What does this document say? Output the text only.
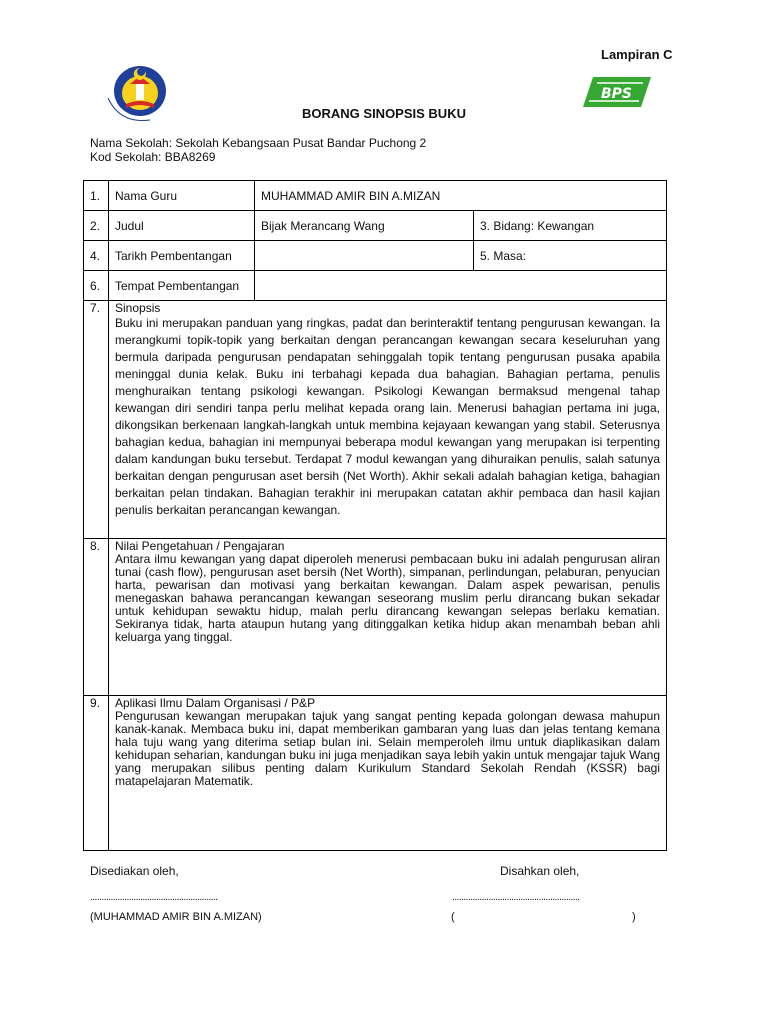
Lampiran C
BPS
BORANG SINOPSIS BUKU
Nama Sekolah: Sekolah Kebangsaan Pusat Bandar Puchong 2
Kod Sekolah: BBA8269
1.	Nama Guru	MUHAMMAD AMIR BIN A.MIZAN	
2.	Judul	Bijak Merancang Wang	3. Bidang: Kewangan
4.	Tarikh Pembentangan		5. Masa:
6.	Tempat Pembentangan		
7.	Sinopsis
Buku ini merupakan panduan yang ringkas, padat dan berinteraktif tentang pengurusan kewangan. Ia merangkumi topik-topik yang berkaitan dengan perancangan kewangan secara keseluruhan yang bermula daripada pengurusan pendapatan sehinggalah topik tentang pengurusan pusaka apabila meninggal dunia kelak. Buku ini terbahagi kepada dua bahagian. Bahagian pertama, penulis menghuraikan tentang psikologi kewangan. Psikologi Kewangan bermaksud mengenal tahap kewangan diri sendiri tanpa perlu melihat kepada orang lain. Menerusi bahagian pertama ini juga, dikongsikan berkenaan langkah-langkah untuk membina kejayaan kewangan yang stabil. Seterusnya bahagian kedua, bahagian ini mempunyai beberapa modul kewangan yang merupakan isi terpenting dalam kandungan buku tersebut. Terdapat 7 modul kewangan yang dihuraikan penulis, salah satunya berkaitan dengan pengurusan aset bersih (Net Worth). Akhir sekali adalah bahagian ketiga, bahagian berkaitan pelan tindakan. Bahagian terakhir ini merupakan catatan akhir pembaca dan hasil kajian penulis berkaitan perancangan kewangan.		

8.	Nilai Pengetahuan / Pengajaran
Antara ilmu kewangan yang dapat diperoleh menerusi pembacaan buku ini adalah pengurusan aliran tunai (cash flow), pengurusan aset bersih (Net Worth), simpanan, perlindungan, pelaburan, penyucian harta, pewarisan dan motivasi yang berkaitan kewangan. Dalam aspek pewarisan, penulis menegaskan bahawa perancangan kewangan seseorang muslim perlu dirancang bukan sekadar untuk kehidupan sewaktu hidup, malah perlu dirancang kewangan selepas berlaku kematian. Sekiranya tidak, harta ataupun hutang yang ditinggalkan ketika hidup akan menambah beban ahli keluarga yang tinggal.		

9.	Aplikasi Ilmu Dalam Organisasi / P&P
Pengurusan kewangan merupakan tajuk yang sangat penting kepada golongan dewasa mahupun kanak-kanak. Membaca buku ini, dapat memberikan gambaran yang luas dan jelas tentang kemana hala tuju wang yang diterima setiap bulan ini. Selain memperoleh ilmu untuk diaplikasikan dalam kehidupan seharian, kandungan buku ini juga menjadikan saya lebih yakin untuk mengajar tajuk Wang yang merupakan silibus penting dalam Kurikulum Standard Sekolah Rendah (KSSR) bagi matapelajaran Matematik.		
Disediakan oleh,	Disahkan oleh,
........................................................	........................................................
(MUHAMMAD AMIR BIN A.MIZAN)	(	)
